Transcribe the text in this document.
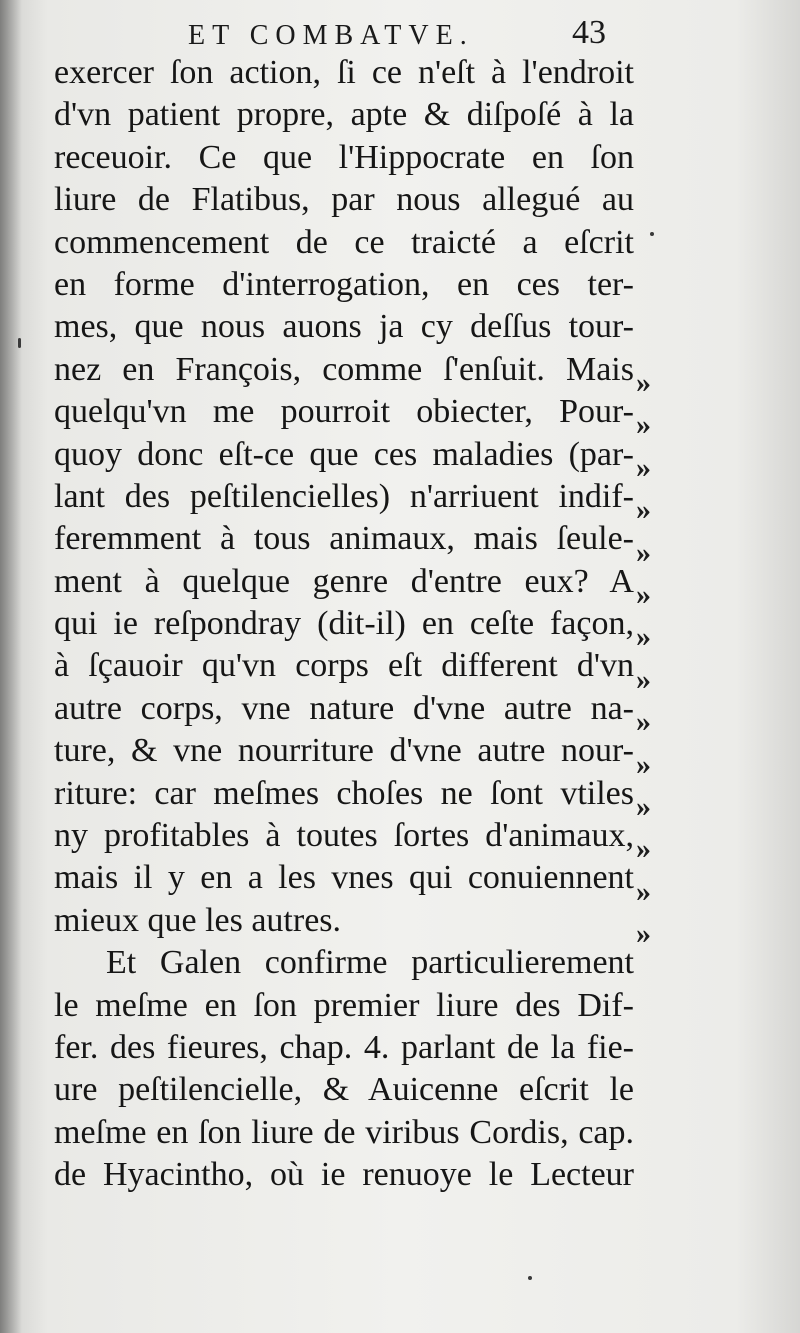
ET COMBATVE.	43
exercer ſon action, ſi ce n'eſt à l'endroit
d'vn patient propre, apte & diſpoſé à la
receuoir. Ce que l'Hippocrate en ſon
liure de Flatibus, par nous allegué au
commencement de ce traicté a eſcrit
en forme d'interrogation, en ces ter-
mes, que nous auons ja cy deſſus tour-
nez en François, comme ſ'enſuit. Mais
quelqu'vn me pourroit obiecter, Pour-
quoy donc eſt-ce que ces maladies (par-
lant des peſtilencielles) n'arriuent indif-
feremment à tous animaux, mais ſeule-
ment à quelque genre d'entre eux? A
qui ie reſpondray (dit-il) en ceſte façon,
à ſçauoir qu'vn corps eſt different d'vn
autre corps, vne nature d'vne autre na-
ture, & vne nourriture d'vne autre nour-
riture: car meſmes choſes ne ſont vtiles
ny profitables à toutes ſortes d'animaux,
mais il y en a les vnes qui conuiennent
mieux que les autres.
Et Galen confirme particulierement
le meſme en ſon premier liure des Dif-
fer. des fieures, chap. 4. parlant de la fie-
ure peſtilencielle, & Auicenne eſcrit le
meſme en ſon liure de viribus Cordis, cap.
de Hyacintho, où ie renuoye le Lecteur
»
»
»
»
»
»
»
»
»
»
»
»
»
»
